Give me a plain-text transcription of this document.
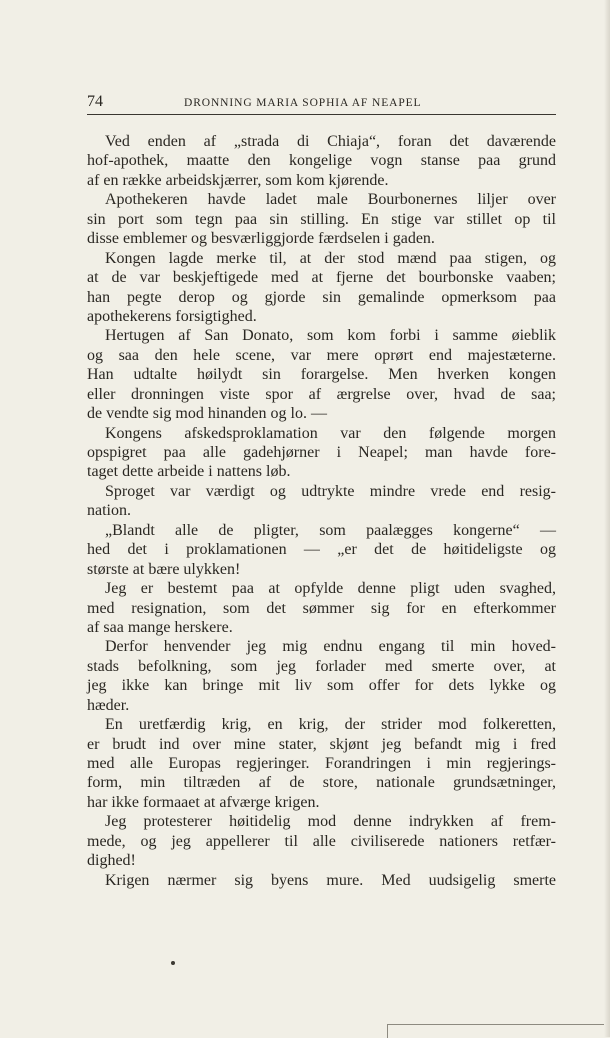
74	DRONNING MARIA SOPHIA AF NEAPEL
Ved enden af „strada di Chiaja“, foran det daværende
hof-apothek, maatte den kongelige vogn stanse paa grund
af en række arbeidskjærrer, som kom kjørende.
Apothekeren havde ladet male Bourbonernes liljer over
sin port som tegn paa sin stilling. En stige var stillet op til
disse emblemer og besværliggjorde færdselen i gaden.
Kongen lagde merke til, at der stod mænd paa stigen, og
at de var beskjeftigede med at fjerne det bourbonske vaaben;
han pegte derop og gjorde sin gemalinde opmerksom paa
apothekerens forsigtighed.
Hertugen af San Donato, som kom forbi i samme øieblik
og saa den hele scene, var mere oprørt end majestæterne.
Han udtalte høilydt sin forargelse. Men hverken kongen
eller dronningen viste spor af ærgrelse over, hvad de saa;
de vendte sig mod hinanden og lo. —
Kongens afskedsproklamation var den følgende morgen
opspigret paa alle gadehjørner i Neapel; man havde fore-
taget dette arbeide i nattens løb.
Sproget var værdigt og udtrykte mindre vrede end resig-
nation.
„Blandt alle de pligter, som paalægges kongerne“ —
hed det i proklamationen — „er det de høitideligste og
største at bære ulykken!
Jeg er bestemt paa at opfylde denne pligt uden svaghed,
med resignation, som det sømmer sig for en efterkommer
af saa mange herskere.
Derfor henvender jeg mig endnu engang til min hoved-
stads befolkning, som jeg forlader med smerte over, at
jeg ikke kan bringe mit liv som offer for dets lykke og
hæder.
En uretfærdig krig, en krig, der strider mod folkeretten,
er brudt ind over mine stater, skjønt jeg befandt mig i fred
med alle Europas regjeringer. Forandringen i min regjerings-
form, min tiltræden af de store, nationale grundsætninger,
har ikke formaaet at afværge krigen.
Jeg protesterer høitidelig mod denne indrykken af frem-
mede, og jeg appellerer til alle civiliserede nationers retfær-
dighed!
Krigen nærmer sig byens mure. Med uudsigelig smerte
